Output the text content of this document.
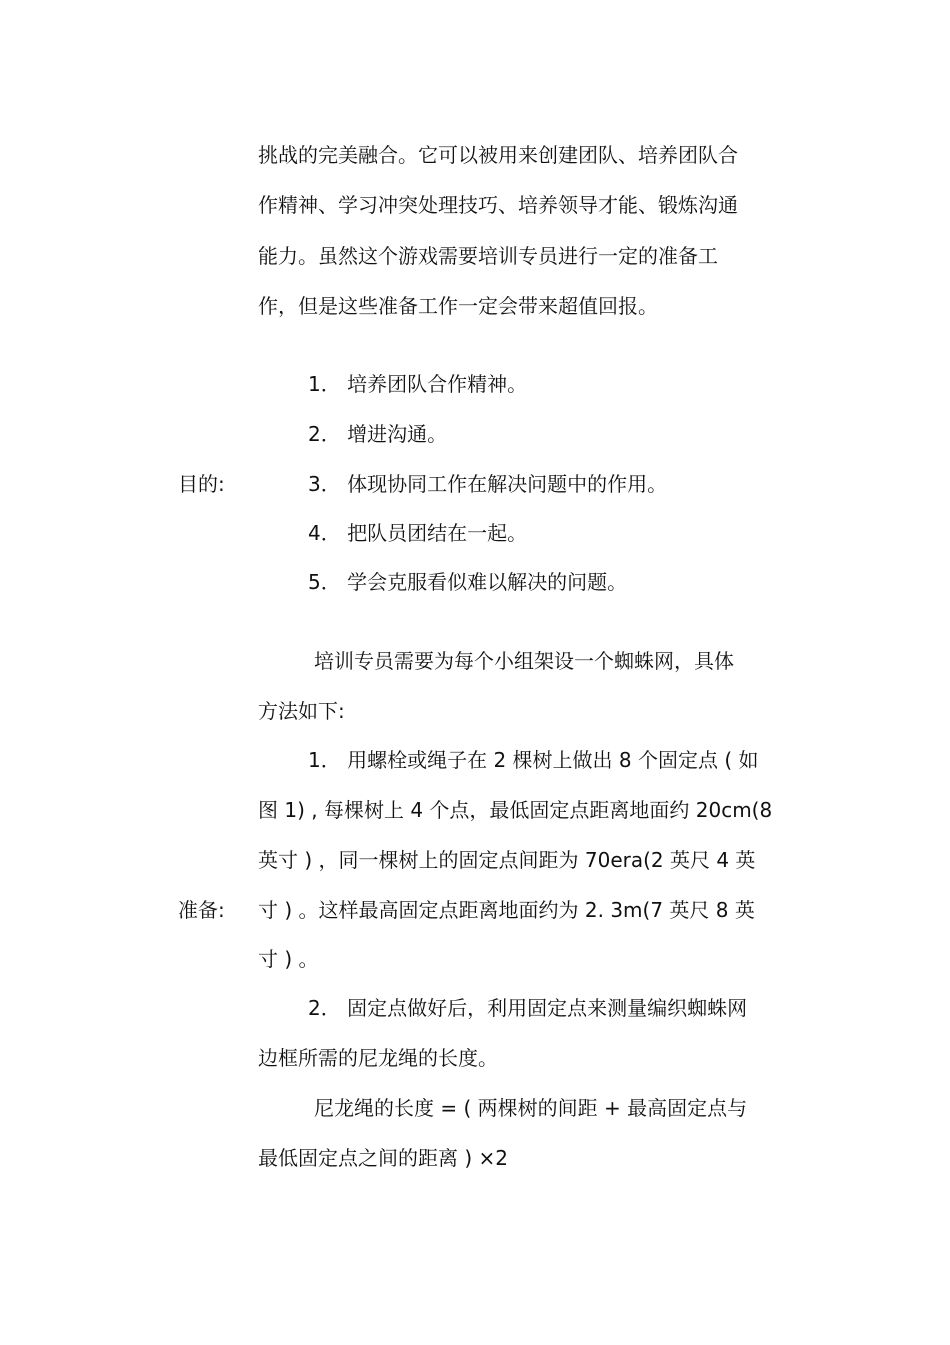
挑战的完美融合。它可以被用来创建团队、培养团队合
作精神、学习冲突处理技巧、培养领导才能、锻炼沟通
能力。虽然这个游戏需要培训专员进行一定的准备工
作，但是这些准备工作一定会带来超值回报。
目的:
1． 培养团队合作精神。
2． 增进沟通。
3． 体现协同工作在解决问题中的作用。
4． 把队员团结在一起。
5． 学会克服看似难以解决的问题。
培训专员需要为每个小组架设一个蜘蛛网，具体
方法如下:
1． 用螺栓或绳子在 2 棵树上做出 8 个固定点 ( 如
图 1) , 每棵树上 4 个点，最低固定点距离地面约 20cm(8
英寸 ) ，同一棵树上的固定点间距为 70era(2 英尺 4 英
准备: 寸 ) 。这样最高固定点距离地面约为 2. 3m(7 英尺 8 英
寸 ) 。
2． 固定点做好后，利用固定点来测量编织蜘蛛网
边框所需的尼龙绳的长度。
尼龙绳的长度 = ( 两棵树的间距 + 最高固定点与
最低固定点之间的距离 ) ×2
